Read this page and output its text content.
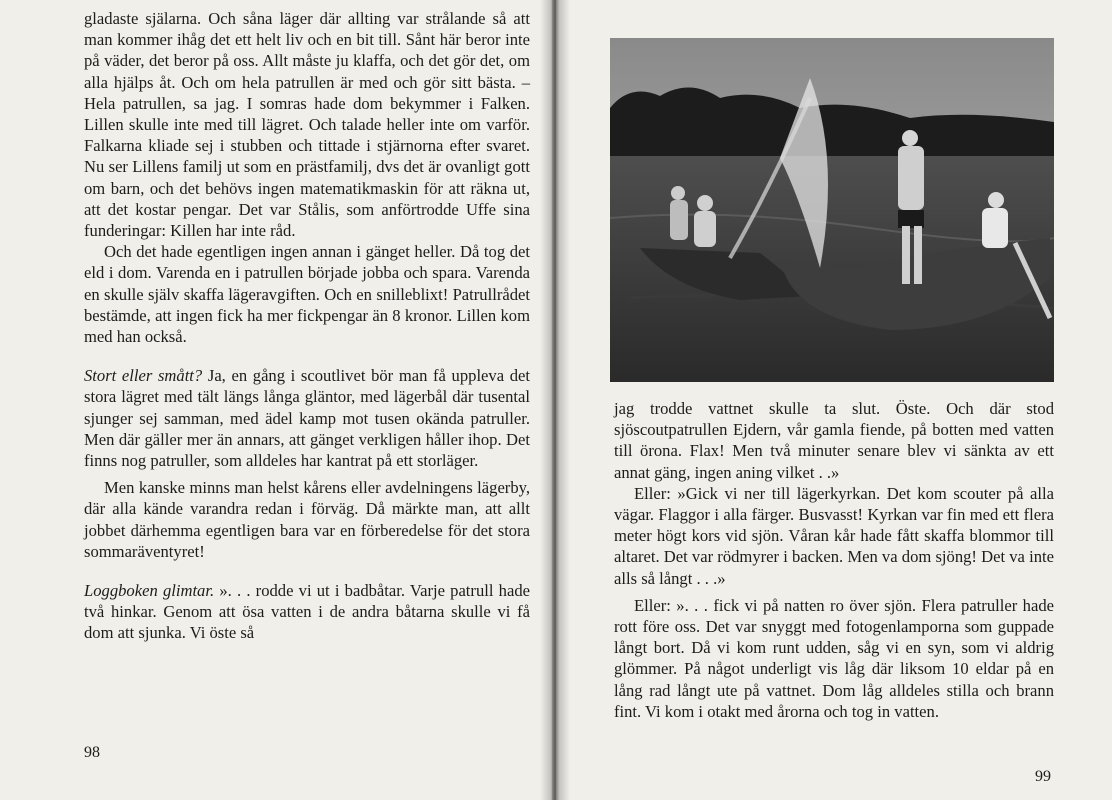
gladaste själarna. Och såna läger där allting var strålande så att man kommer ihåg det ett helt liv och en bit till. Sånt här beror inte på väder, det beror på oss. Allt måste ju klaffa, och det gör det, om alla hjälps åt. Och om hela patrullen är med och gör sitt bästa. – Hela patrullen, sa jag. I somras hade dom bekymmer i Falken. Lillen skulle inte med till lägret. Och talade heller inte om varför. Falkarna kliade sej i stubben och tittade i stjärnorna efter svaret. Nu ser Lillens familj ut som en prästfamilj, dvs det är ovanligt gott om barn, och det behövs ingen matematikmaskin för att räkna ut, att det kostar pengar. Det var Stålis, som anförtrodde Uffe sina funderingar: Killen har inte råd.

Och det hade egentligen ingen annan i gänget heller. Då tog det eld i dom. Varenda en i patrullen började jobba och spara. Varenda en skulle själv skaffa lägeravgiften. Och en snilleblixt! Patrullrådet bestämde, att ingen fick ha mer fickpengar än 8 kronor. Lillen kom med han också.

Stort eller smått? Ja, en gång i scoutlivet bör man få uppleva det stora lägret med tält längs långa gläntor, med lägerbål där tusental sjunger sej samman, med ädel kamp mot tusen okända patruller. Men där gäller mer än annars, att gänget verkligen håller ihop. Det finns nog patruller, som alldeles har kantrat på ett storläger.

Men kanske minns man helst kårens eller avdelningens lägerby, där alla kände varandra redan i förväg. Då märkte man, att allt jobbet därhemma egentligen bara var en förberedelse för det stora sommaräventyret!

Loggboken glimtar. ». . . rodde vi ut i badbåtar. Varje patrull hade två hinkar. Genom att ösa vatten i de andra båtarna skulle vi få dom att sjunka. Vi öste så

98

jag trodde vattnet skulle ta slut. Öste. Och där stod sjöscoutpatrullen Ejdern, vår gamla fiende, på botten med vatten till örona. Flax! Men två minuter senare blev vi sänkta av ett annat gäng, ingen aning vilket . .»

Eller: »Gick vi ner till lägerkyrkan. Det kom scouter på alla vägar. Flaggor i alla färger. Busvasst! Kyrkan var fin med ett flera meter högt kors vid sjön. Våran kår hade fått skaffa blommor till altaret. Det var rödmyrer i backen. Men va dom sjöng! Det va inte alls så långt . . .»

Eller: ». . . fick vi på natten ro över sjön. Flera patruller hade rott före oss. Det var snyggt med fotogenlamporna som guppade långt bort. Då vi kom runt udden, såg vi en syn, som vi aldrig glömmer. På något underligt vis låg där liksom 10 eldar på en lång rad långt ute på vattnet. Dom låg alldeles stilla och brann fint. Vi kom i otakt med årorna och tog in vatten.

99
